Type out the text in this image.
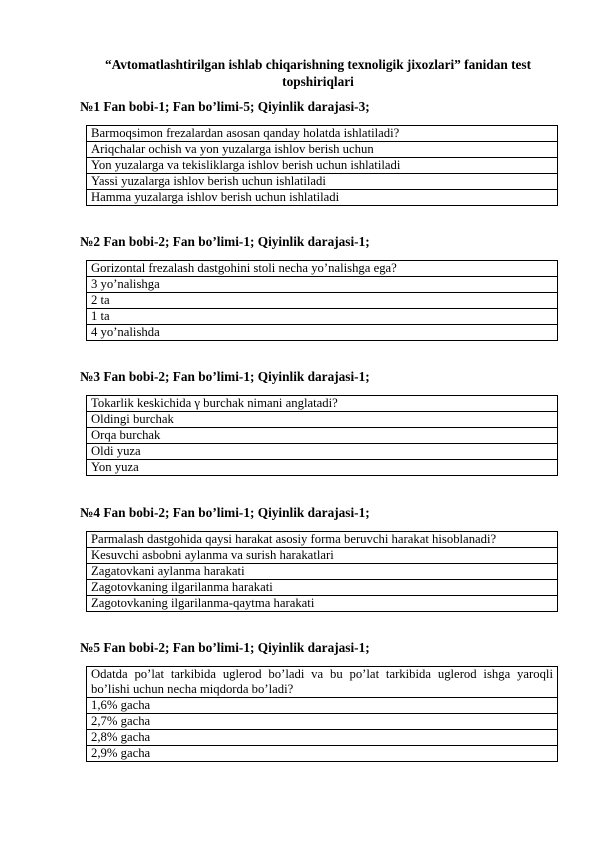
“Avtomatlashtirilgan ishlab chiqarishning texnoligik jixozlari” fanidan test topshiriqlari
№1 Fan bobi-1; Fan bo’limi-5; Qiyinlik darajasi-3;
Barmoqsimon frezalardan asosan qanday holatda ishlatiladi?
Ariqchalar ochish va yon yuzalarga ishlov berish uchun
Yon yuzalarga va tekisliklarga ishlov berish uchun ishlatiladi
Yassi yuzalarga ishlov berish uchun ishlatiladi
Hamma yuzalarga ishlov berish uchun ishlatiladi
№2 Fan bobi-2; Fan bo’limi-1; Qiyinlik darajasi-1;
Gorizontal frezalash dastgohini stoli necha yo’nalishga ega?
3 yo’nalishga
2 ta
1 ta
4 yo’nalishda
№3 Fan bobi-2; Fan bo’limi-1; Qiyinlik darajasi-1;
Tokarlik keskichida γ burchak nimani anglatadi?
Oldingi burchak
Orqa burchak
Oldi yuza
Yon yuza
№4 Fan bobi-2; Fan bo’limi-1; Qiyinlik darajasi-1;
Parmalash dastgohida qaysi harakat asosiy forma beruvchi harakat hisoblanadi?
Kesuvchi asbobni aylanma va surish harakatlari
Zagatovkani aylanma harakati
Zagotovkaning ilgarilanma harakati
Zagotovkaning ilgarilanma-qaytma harakati
№5 Fan bobi-2; Fan bo’limi-1; Qiyinlik darajasi-1;
Odatda po’lat tarkibida uglerod bo’ladi va bu po’lat tarkibida uglerod ishga yaroqli bo’lishi uchun necha miqdorda bo’ladi?
1,6% gacha
2,7% gacha
2,8% gacha
2,9% gacha
